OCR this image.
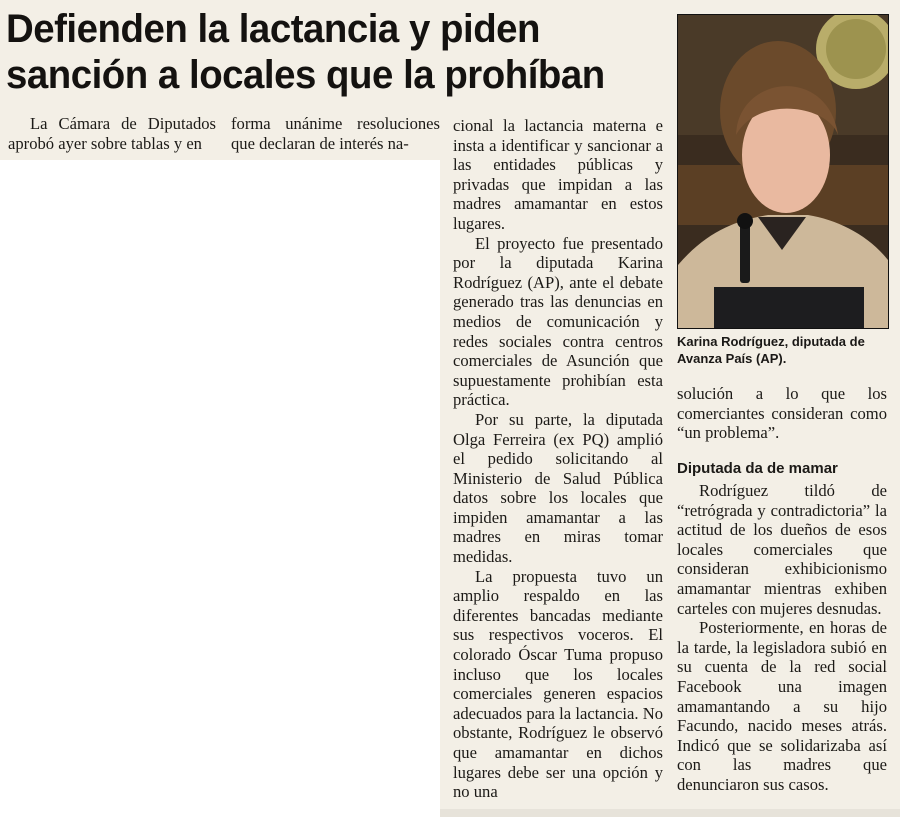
Defienden la lactancia y piden sanción a locales que la prohíban

La Cámara de Diputados aprobó ayer sobre tablas y en

forma unánime resoluciones que declaran de interés na-

cional la lactancia materna e insta a identificar y sancionar a las entidades públicas y privadas que impidan a las madres amamantar en estos lugares.

El proyecto fue presentado por la diputada Karina Rodríguez (AP), ante el debate generado tras las denuncias en medios de comunicación y redes sociales contra centros comerciales de Asunción que supuestamente prohibían esta práctica.

Por su parte, la diputada Olga Ferreira (ex PQ) amplió el pedido solicitando al Ministerio de Salud Pública datos sobre los locales que impiden amamantar a las madres en miras tomar medidas.

La propuesta tuvo un amplio respaldo en las diferentes bancadas mediante sus respectivos voceros. El colorado Óscar Tuma propuso incluso que los locales comerciales generen espacios adecuados para la lactancia. No obstante, Rodríguez le observó que amamantar en dichos lugares debe ser una opción y no una

Karina Rodríguez, diputada de Avanza País (AP).

solución a lo que los comerciantes consideran como “un problema”.

Diputada da de mamar

Rodríguez tildó de “retrógrada y contradictoria” la actitud de los dueños de esos locales comerciales que consideran exhibicionismo amamantar mientras exhiben carteles con mujeres desnudas.

Posteriormente, en horas de la tarde, la legisladora subió en su cuenta de la red social Facebook una imagen amamantando a su hijo Facundo, nacido meses atrás. Indicó que se solidarizaba así con las madres que denunciaron sus casos.
